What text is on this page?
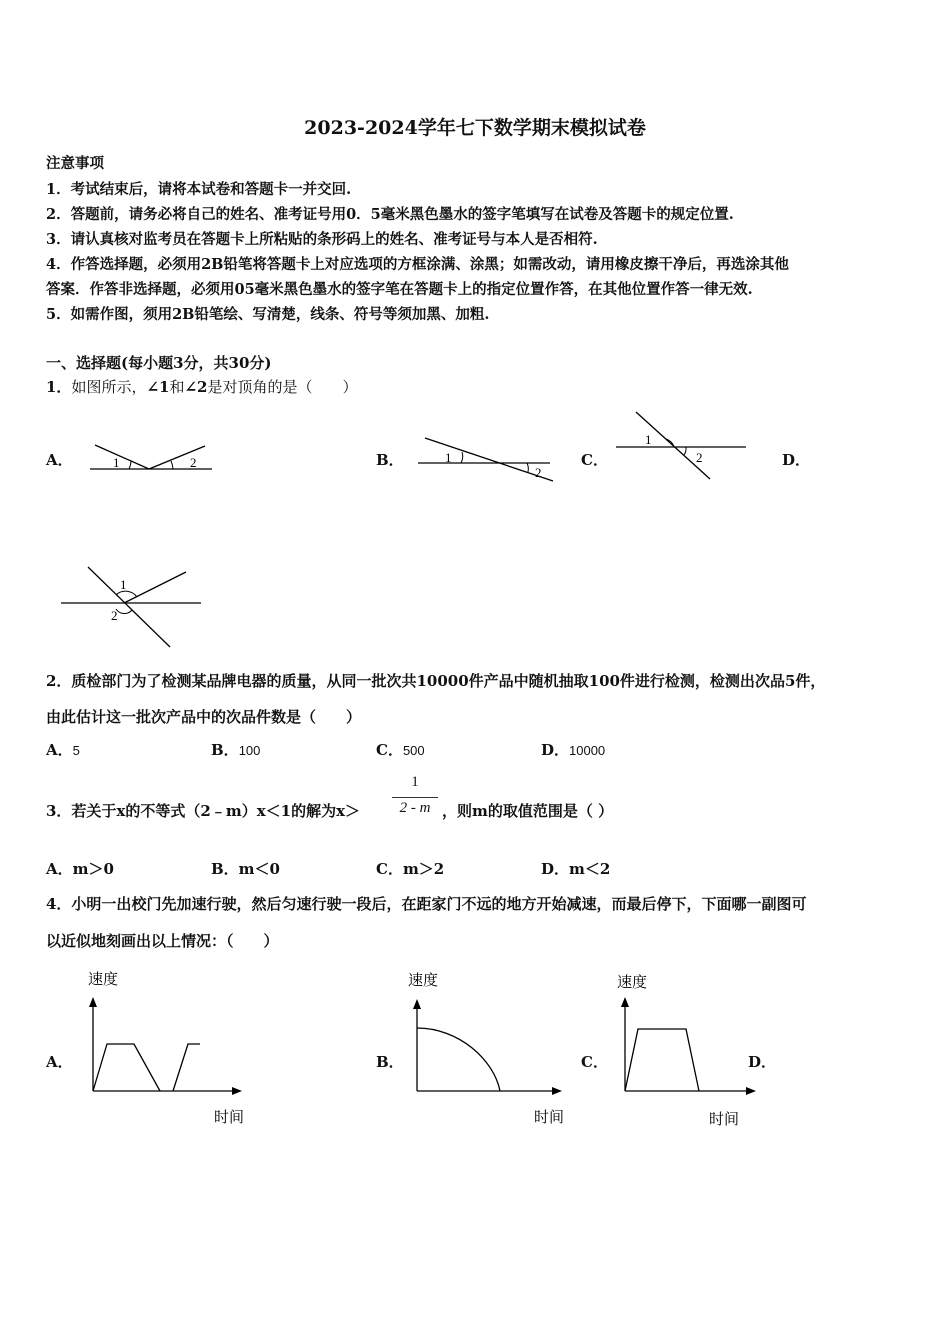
2023-2024学年七下数学期末模拟试卷
注意事项
1．考试结束后，请将本试卷和答题卡一并交回.
2．答题前，请务必将自己的姓名、准考证号用0．5毫米黑色墨水的签字笔填写在试卷及答题卡的规定位置.
3．请认真核对监考员在答题卡上所粘贴的条形码上的姓名、准考证号与本人是否相符.
4．作答选择题，必须用2B铅笔将答题卡上对应选项的方框涂满、涂黑；如需改动，请用橡皮擦干净后，再选涂其他
答案．作答非选择题，必须用05毫米黑色墨水的签字笔在答题卡上的指定位置作答，在其他位置作答一律无效.
5．如需作图，须用2B铅笔绘、写清楚，线条、符号等须加黑、加粗.
一、选择题(每小题3分，共30分)
1．如图所示，∠1和∠2是对顶角的是（　　）
A．	B．	C．	D．
1	2	1
2
1
2
1
2
2．质检部门为了检测某品牌电器的质量，从同一批次共10000件产品中随机抽取100件进行检测，检测出次品5件，
由此估计这一批次产品中的次品件数是（　　）
A．5	B．100	C．500	D．10000
3．若关于x的不等式（2﹣m）x＜1的解为x＞
1
2 - m ，则m的取值范围是（ ）
A．m＞0	B．m＜0	C．m＞2	D．m＜2
4．小明一出校门先加速行驶，然后匀速行驶一段后，在距家门不远的地方开始减速，而最后停下，下面哪一副图可
以近似地刻画出以上情况：（　　）
A．	B．	C．	D．
速度
时间
速度
时间
速度
时间
